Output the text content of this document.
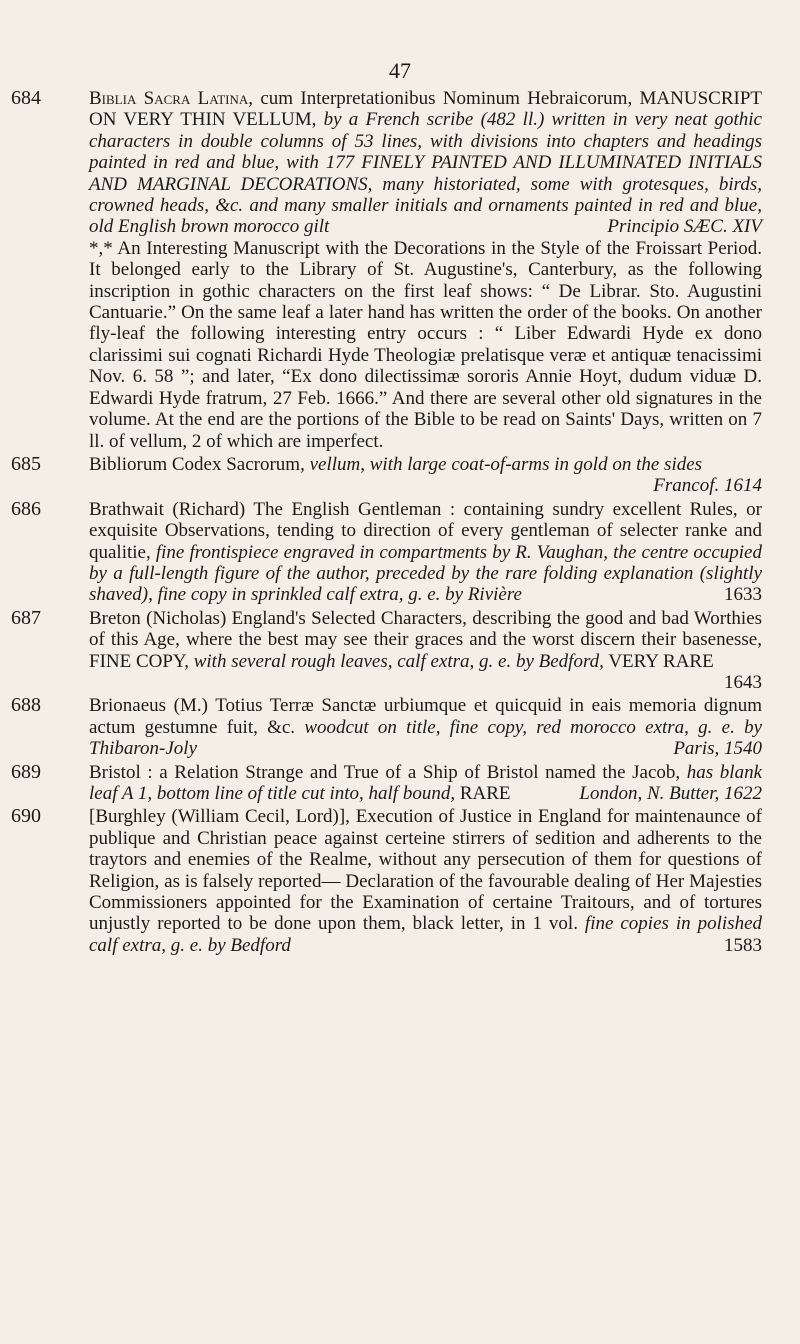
47
684	Biblia Sacra Latina, cum Interpretationibus Nominum Hebraicorum, MANUSCRIPT ON VERY THIN VELLUM, by a French scribe (482 ll.) written in very neat gothic characters in double columns of 53 lines, with divisions into chapters and headings painted in red and blue, with 177 FINELY PAINTED AND ILLUMINATED INITIALS AND MARGINAL DECORATIONS, many historiated, some with grotesques, birds, crowned heads, &c. and many smaller initials and ornaments painted in red and blue, old English brown morocco gilt	Principio SÆC. XIV
*,* An Interesting Manuscript with the Decorations in the Style of the Froissart Period. It belonged early to the Library of St. Augustine's, Canterbury, as the following inscription in gothic characters on the first leaf shows: “ De Librar. Sto. Augustini Cantuarie.” On the same leaf a later hand has written the order of the books. On another fly-leaf the following interesting entry occurs : “ Liber Edwardi Hyde ex dono clarissimi sui cognati Richardi Hyde Theologiæ prelatisque veræ et antiquæ tenacissimi Nov. 6. 58 ”; and later, “Ex dono dilectissimæ sororis Annie Hoyt, dudum viduæ D. Edwardi Hyde fratrum, 27 Feb. 1666.” And there are several other old signatures in the volume. At the end are the portions of the Bible to be read on Saints' Days, written on 7 ll. of vellum, 2 of which are imperfect.
685	Bibliorum Codex Sacrorum, vellum, with large coat-of-arms in gold on the sides
Francof. 1614
686	Brathwait (Richard) The English Gentleman : containing sundry excellent Rules, or exquisite Observations, tending to direction of every gentleman of selecter ranke and qualitie, fine frontispiece engraved in compartments by R. Vaughan, the centre occupied by a full-length figure of the author, preceded by the rare folding explanation (slightly shaved), fine copy in sprinkled calf extra, g. e. by Rivière	1633
687	Breton (Nicholas) England's Selected Characters, describing the good and bad Worthies of this Age, where the best may see their graces and the worst discern their basenesse, FINE COPY, with several rough leaves, calf extra, g. e. by Bedford, VERY RARE
1643
688	Brionaeus (M.) Totius Terræ Sanctæ urbiumque et quicquid in eais memoria dignum actum gestumne fuit, &c. woodcut on title, fine copy, red morocco extra, g. e. by Thibaron-Joly	Paris, 1540
689	Bristol : a Relation Strange and True of a Ship of Bristol named the Jacob, has blank leaf A 1, bottom line of title cut into, half bound, RARE	London, N. Butter, 1622
690	[Burghley (William Cecil, Lord)], Execution of Justice in England for maintenaunce of publique and Christian peace against certeine stirrers of sedition and adherents to the traytors and enemies of the Realme, without any persecution of them for questions of Religion, as is falsely reported— Declaration of the favourable dealing of Her Majesties Commissioners appointed for the Examination of certaine Traitours, and of tortures unjustly reported to be done upon them, black letter, in 1 vol. fine copies in polished calf extra, g. e. by Bedford	1583
